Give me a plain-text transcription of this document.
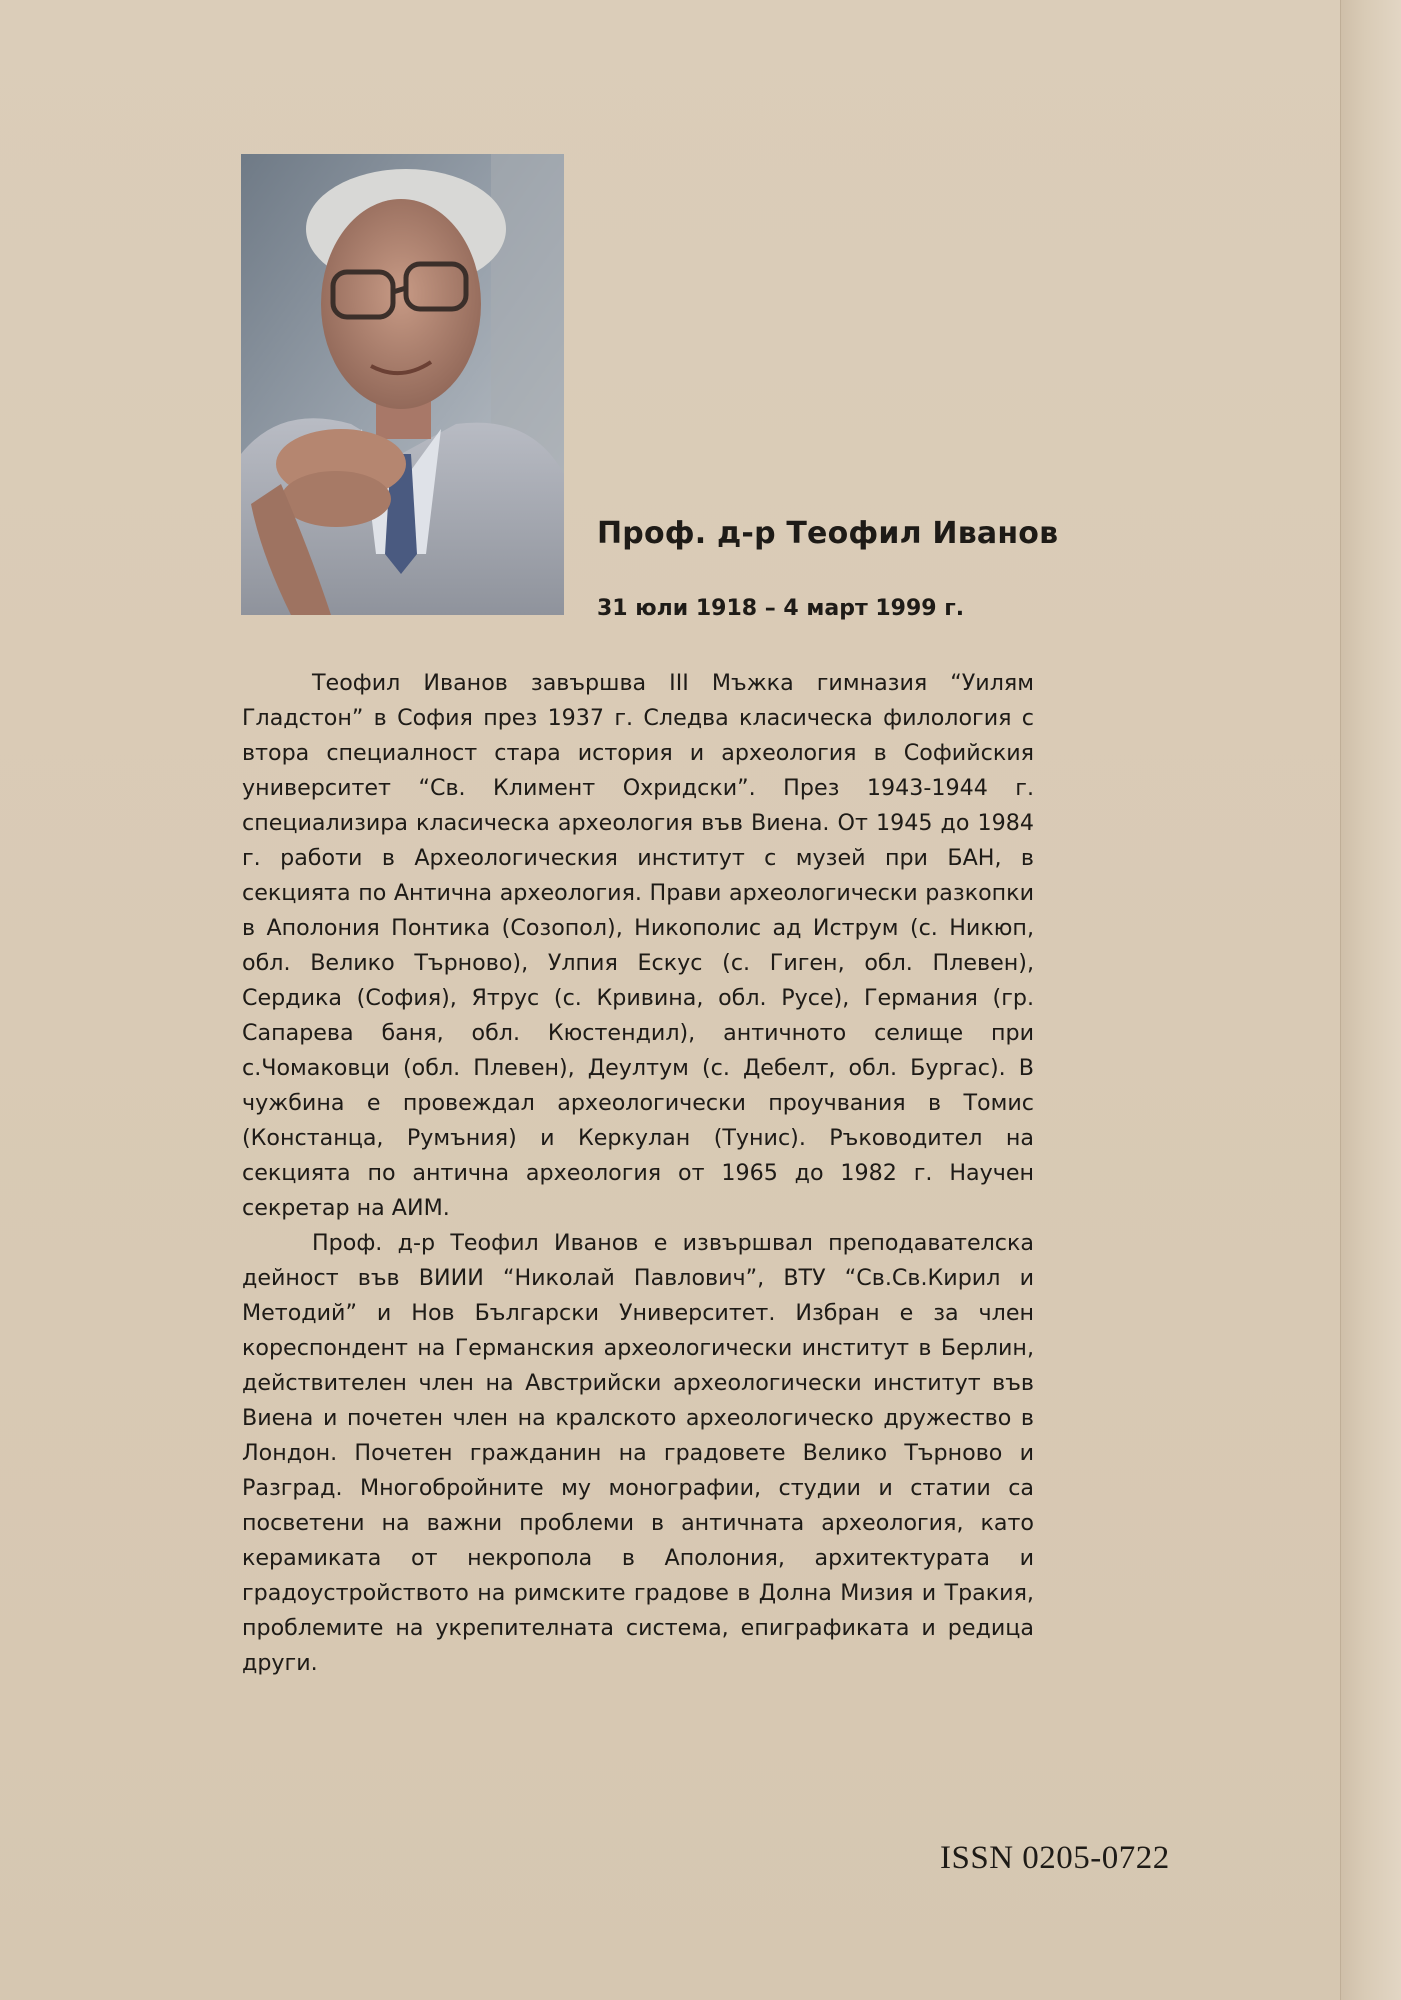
Проф. д-р Теофил Иванов
31 юли 1918 – 4 март 1999 г.

Теофил Иванов завършва III Мъжка гимназия “Уилям Гладстон” в София през 1937 г. Следва класическа филология с втора специалност стара история и археология в Софийския университет “Св. Климент Охридски”. През 1943-1944 г. специализира класическа археология във Виена. От 1945 до 1984 г. работи в Археологическия институт с музей при БАН, в секцията по Антична археология. Прави археологически разкопки в Аполония Понтика (Созопол), Никополис ад Иструм (с. Никюп, обл. Велико Търново), Улпия Ескус (с. Гиген, обл. Плевен), Сердика (София), Ятрус (с. Кривина, обл. Русе), Германия (гр. Сапарева баня, обл. Кюстендил), античното селище при с.Чомаковци (обл. Плевен), Деултум (с. Дебелт, обл. Бургас). В чужбина е провеждал археологически проучвания в Томис (Констанца, Румъния) и Керкулан (Тунис). Ръководител на секцията по антична археология от 1965 до 1982 г. Научен секретар на АИМ.

Проф. д-р Теофил Иванов е извършвал преподавателска дейност във ВИИИ “Николай Павлович”, ВТУ “Св.Св.Кирил и Методий” и Нов Български Университет. Избран е за член кореспондент на Германския археологически институт в Берлин, действителен член на Австрийски археологически институт във Виена и почетен член на кралското археологическо дружество в Лондон. Почетен гражданин на градовете Велико Търново и Разград. Многобройните му монографии, студии и статии са посветени на важни проблеми в античната археология, като керамиката от некропола в Аполония, архитектурата и градоустройството на римските градове в Долна Мизия и Тракия, проблемите на укрепителната система, епиграфиката и редица други.

ISSN 0205-0722
